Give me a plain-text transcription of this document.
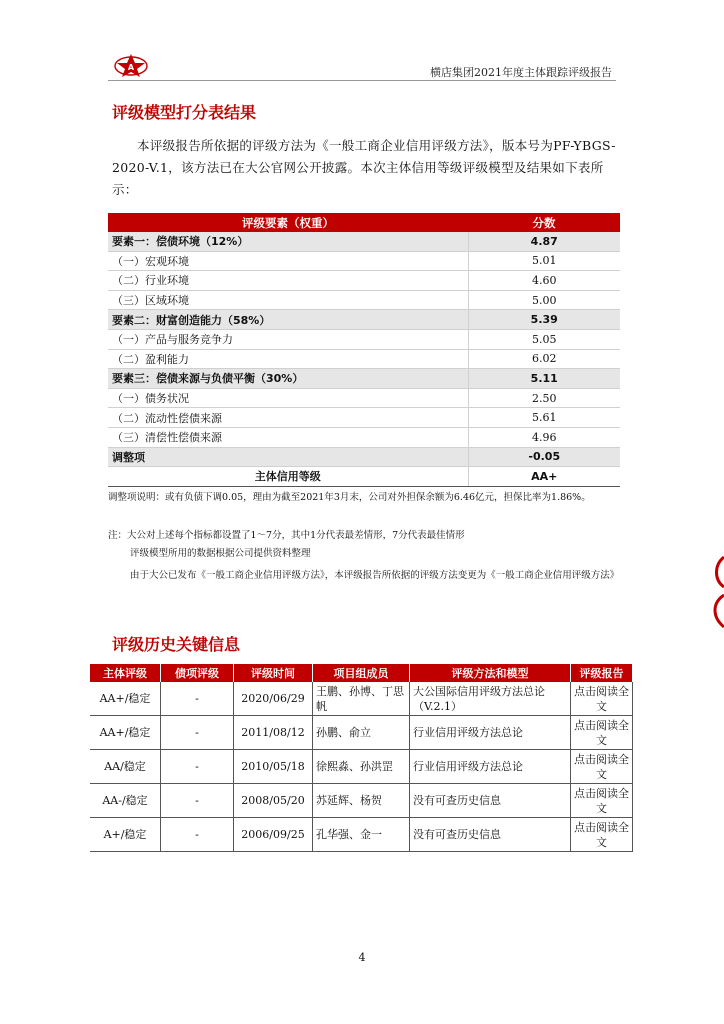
A	横店集团2021年度主体跟踪评级报告
评级模型打分表结果
本评级报告所依据的评级方法为《一般工商企业信用评级方法》，版本号为PF-YBGS-2020-V.1，该方法已在大公官网公开披露。本次主体信用等级评级模型及结果如下表所示：
评级要素（权重）	分数
要素一：偿债环境（12%）	4.87
（一）宏观环境	5.01
（二）行业环境	4.60
（三）区域环境	5.00
要素二：财富创造能力（58%）	5.39
（一）产品与服务竞争力	5.05
（二）盈利能力	6.02
要素三：偿债来源与负债平衡（30%）	5.11
（一）债务状况	2.50
（二）流动性偿债来源	5.61
（三）清偿性偿债来源	4.96
调整项	-0.05
主体信用等级	AA+
调整项说明：或有负债下调0.05，理由为截至2021年3月末，公司对外担保余额为6.46亿元，担保比率为1.86%。
注：大公对上述每个指标都设置了1～7分，其中1分代表最差情形，7分代表最佳情形
评级模型所用的数据根据公司提供资料整理
由于大公已发布《一般工商企业信用评级方法》，本评级报告所依据的评级方法变更为《一般工商企业信用评级方法》
评级历史关键信息
主体评级	债项评级	评级时间	项目组成员	评级方法和模型	评级报告
AA+/稳定	-	2020/06/29	王鹏、孙博、丁思帆	大公国际信用评级方法总论（V.2.1）	点击阅读全文
AA+/稳定	-	2011/08/12	孙鹏、俞立	行业信用评级方法总论	点击阅读全文
AA/稳定	-	2010/05/18	徐熙淼、孙洪罡	行业信用评级方法总论	点击阅读全文
AA-/稳定	-	2008/05/20	苏延辉、杨贺	没有可查历史信息	点击阅读全文
A+/稳定	-	2006/09/25	孔华强、金一	没有可查历史信息	点击阅读全文
4
